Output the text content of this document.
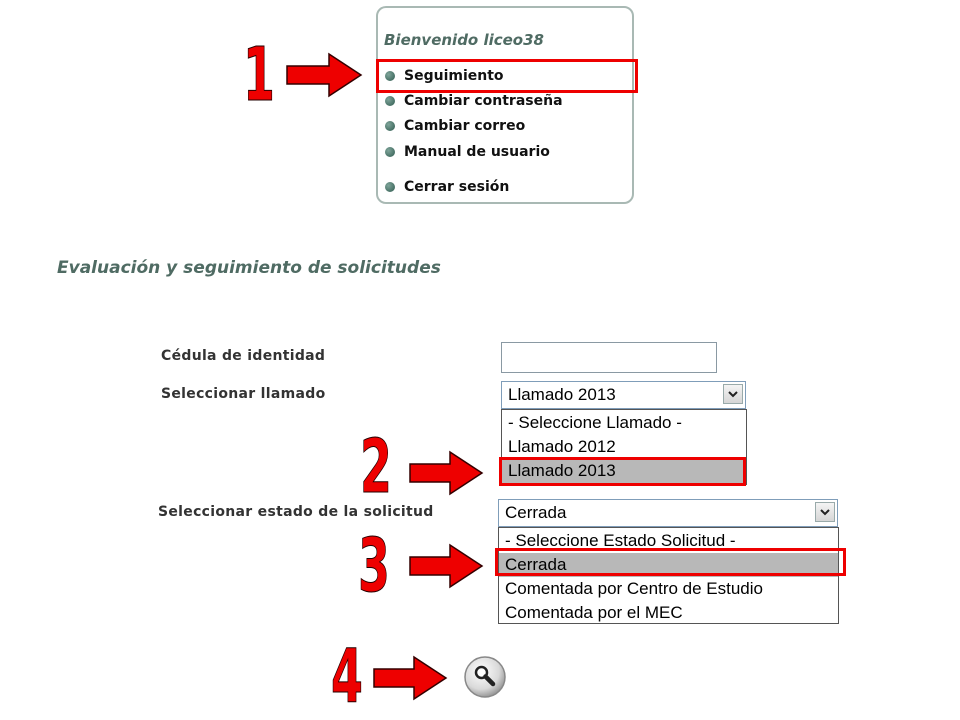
Bienvenido liceo38
Seguimiento
Cambiar contraseña
Cambiar correo
Manual de usuario
Cerrar sesión
Evaluación y seguimiento de solicitudes
Cédula de identidad
Seleccionar llamado	Llamado 2013
- Seleccione Llamado -
Llamado 2012
Llamado 2013
Seleccionar estado de la solicitud	Cerrada
- Seleccione Estado Solicitud -
Cerrada
Comentada por Centro de Estudio
Comentada por el MEC
1
2
3
4
